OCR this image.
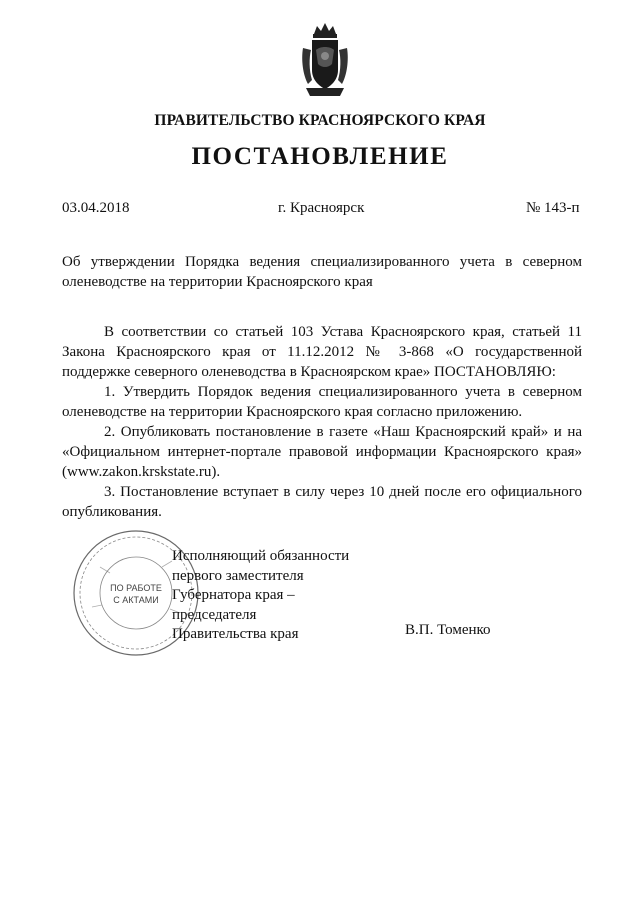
ПРАВИТЕЛЬСТВО КРАСНОЯРСКОГО КРАЯ
ПОСТАНОВЛЕНИЕ
03.04.2018	г. Красноярск	№ 143-п
Об утверждении Порядка ведения специализированного учета в северном оленеводстве на территории Красноярского края

В соответствии со статьей 103 Устава Красноярского края, статьей 11 Закона Красноярского края от 11.12.2012 № 3-868 «О государственной поддержке северного оленеводства в Красноярском крае» ПОСТАНОВЛЯЮ:

1. Утвердить Порядок ведения специализированного учета в северном оленеводстве на территории Красноярского края согласно приложению.

2. Опубликовать постановление в газете «Наш Красноярский край» и на «Официальном интернет-портале правовой информации Красноярского края» (www.zakon.krskstate.ru).

3. Постановление вступает в силу через 10 дней после его официального опубликования.

ПО РАБОТЕ
С АКТАМИ
Исполняющий обязанности
первого заместителя
Губернатора края –
председателя
Правительства края	В.П. Томенко
